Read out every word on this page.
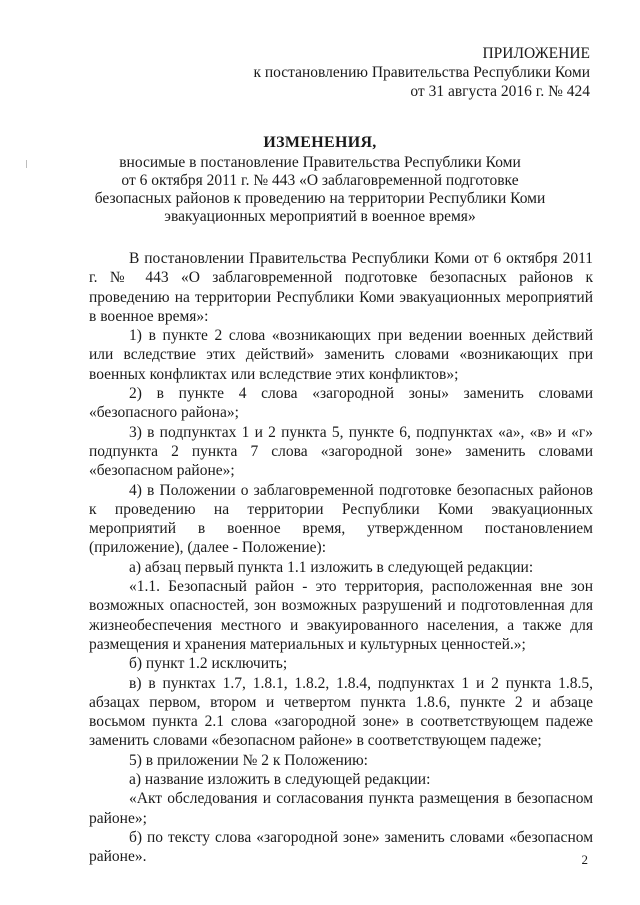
ПРИЛОЖЕНИЕ
к постановлению Правительства Республики Коми
от 31 августа 2016 г. № 424
ИЗМЕНЕНИЯ,
вносимые в постановление Правительства Республики Коми
от 6 октября 2011 г. № 443 «О заблаговременной подготовке
безопасных районов к проведению на территории Республики Коми
эвакуационных мероприятий в военное время»

В постановлении Правительства Республики Коми от 6 октября 2011 г. № 443 «О заблаговременной подготовке безопасных районов к проведению на территории Республики Коми эвакуационных мероприятий в военное время»:

1) в пункте 2 слова «возникающих при ведении военных действий или вследствие этих действий» заменить словами «возникающих при военных конфликтах или вследствие этих конфликтов»;

2) в пункте 4 слова «загородной зоны» заменить словами «безопасного района»;

3) в подпунктах 1 и 2 пункта 5, пункте 6, подпунктах «а», «в» и «г» подпункта 2 пункта 7 слова «загородной зоне» заменить словами «безопасном районе»;

4) в Положении о заблаговременной подготовке безопасных районов к проведению на территории Республики Коми эвакуационных мероприятий в военное время, утвержденном постановлением (приложение), (далее - Положение):

а) абзац первый пункта 1.1 изложить в следующей редакции:

«1.1. Безопасный район - это территория, расположенная вне зон возможных опасностей, зон возможных разрушений и подготовленная для жизнеобеспечения местного и эвакуированного населения, а также для размещения и хранения материальных и культурных ценностей.»;

б) пункт 1.2 исключить;

в) в пунктах 1.7, 1.8.1, 1.8.2, 1.8.4, подпунктах 1 и 2 пункта 1.8.5, абзацах первом, втором и четвертом пункта 1.8.6, пункте 2 и абзаце восьмом пункта 2.1 слова «загородной зоне» в соответствующем падеже заменить словами «безопасном районе» в соответствующем падеже;

5) в приложении № 2 к Положению:

а) название изложить в следующей редакции:

«Акт обследования и согласования пункта размещения в безопасном районе»;

б) по тексту слова «загородной зоне» заменить словами «безопасном районе».	2
